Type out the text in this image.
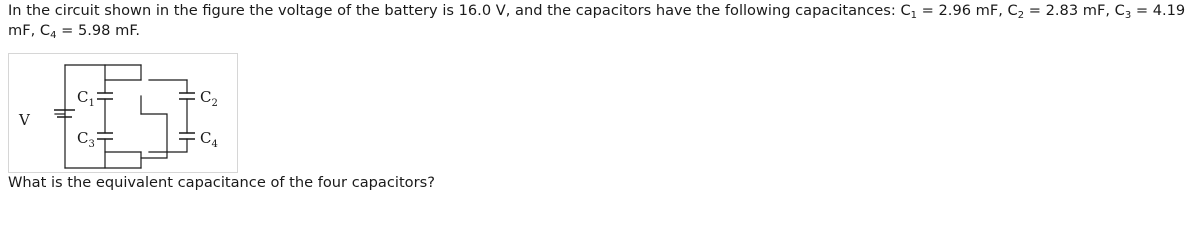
In the circuit shown in the figure the voltage of the battery is 16.0 V, and the capacitors have the following capacitances: $C_1 = 2.96$ mF, $C_2 = 2.83$ mF, $C_3 = 4.19$ mF, $C_4 = 5.98$ mF.

V
$C_1$
$C_3$
$C_2$
$C_4$

What is the equivalent capacitance of the four capacitors?
